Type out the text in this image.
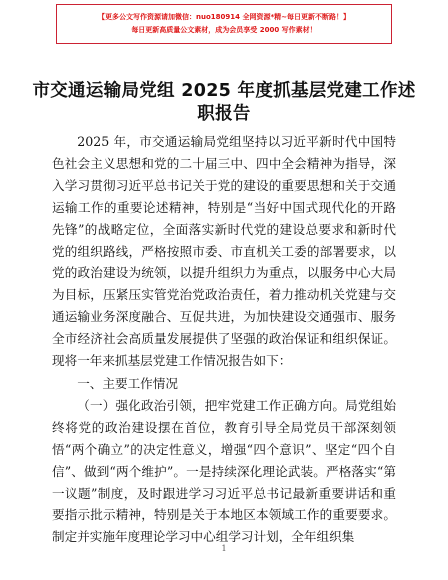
【更多公文写作资源请加微信：nuo180914 全网资源*精~每日更新不断路！】
每日更新高质量公文素材，成为会员享受 2000 写作素材！
市交通运输局党组 2025 年度抓基层党建工作述职报告

2025 年，市交通运输局党组坚持以习近平新时代中国特色社会主义思想和党的二十届三中、四中全会精神为指导，深入学习贯彻习近平总书记关于党的建设的重要思想和关于交通运输工作的重要论述精神，特别是“当好中国式现代化的开路先锋”的战略定位，全面落实新时代党的建设总要求和新时代党的组织路线，严格按照市委、市直机关工委的部署要求，以党的政治建设为统领，以提升组织力为重点，以服务中心大局为目标，压紧压实管党治党政治责任，着力推动机关党建与交通运输业务深度融合、互促共进，为加快建设交通强市、服务全市经济社会高质量发展提供了坚强的政治保证和组织保证。现将一年来抓基层党建工作情况报告如下：

一、主要工作情况

（一）强化政治引领，把牢党建工作正确方向。局党组始终将党的政治建设摆在首位，教育引导全局党员干部深刻领悟“两个确立”的决定性意义，增强“四个意识”、坚定“四个自信”、做到“两个维护”。一是持续深化理论武装。严格落实“第一议题”制度，及时跟进学习习近平总书记最新重要讲话和重要指示批示精神，特别是关于本地区本领域工作的重要要求。制定并实施年度理论学习中心组学习计划，全年组织集

1
